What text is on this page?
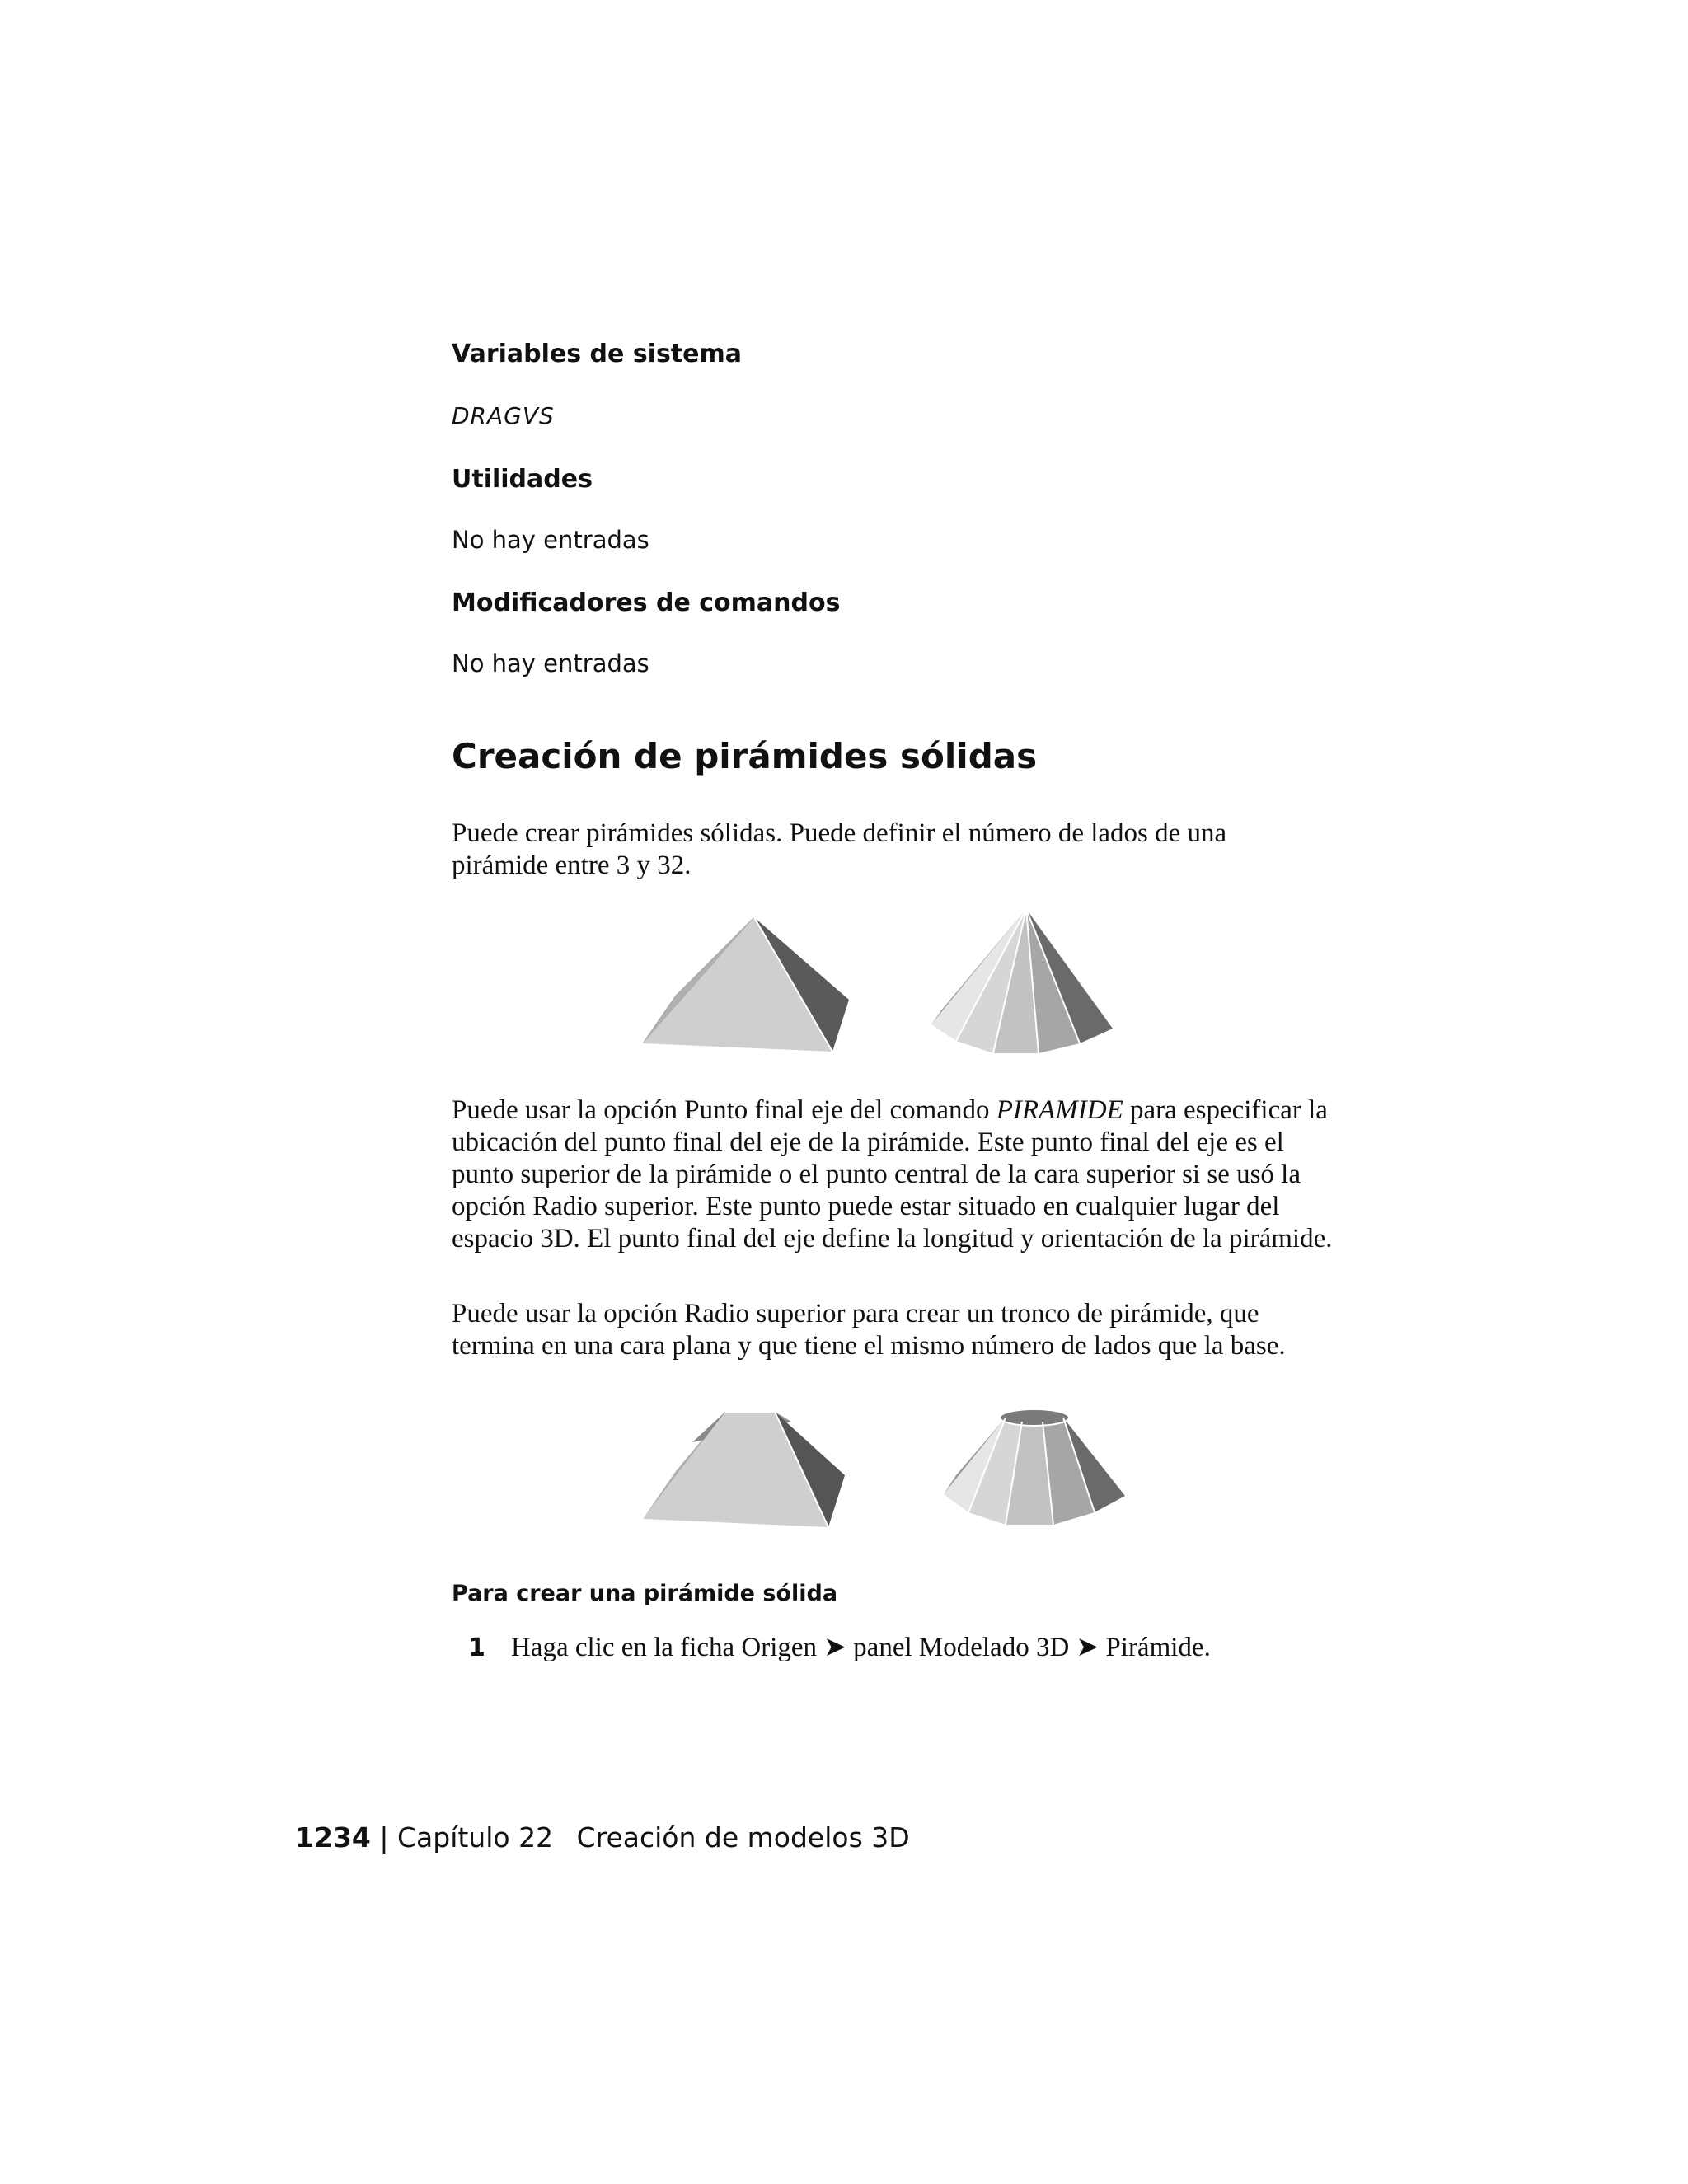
Variables de sistema

DRAGVS

Utilidades

No hay entradas

Modificadores de comandos

No hay entradas

Creación de pirámides sólidas

Puede crear pirámides sólidas. Puede definir el número de lados de una pirámide entre 3 y 32.

Puede usar la opción Punto final eje del comando PIRAMIDE para especificar la ubicación del punto final del eje de la pirámide. Este punto final del eje es el punto superior de la pirámide o el punto central de la cara superior si se usó la opción Radio superior. Este punto puede estar situado en cualquier lugar del espacio 3D. El punto final del eje define la longitud y orientación de la pirámide.

Puede usar la opción Radio superior para crear un tronco de pirámide, que termina en una cara plana y que tiene el mismo número de lados que la base.

Para crear una pirámide sólida

1 Haga clic en la ficha Origen ➤ panel Modelado 3D ➤ Pirámide.
1234 | Capítulo 22 Creación de modelos 3D
